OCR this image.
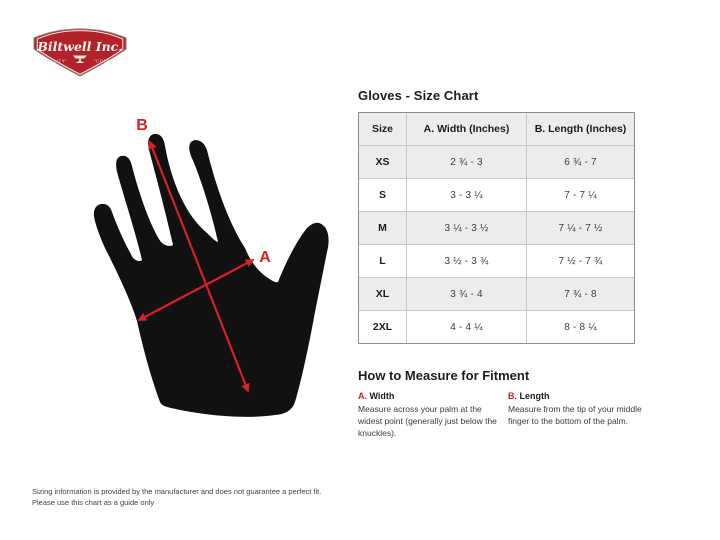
Biltwell Inc.
"QUALITY"	"COUNTS"
B
A
Gloves - Size Chart
Size	A. Width (Inches)	B. Length (Inches)
XS	2 ¾ - 3	6 ¾ - 7
S	3 - 3 ¼	7 - 7 ¼
M	3 ¼ - 3 ½	7 ¼ - 7 ½
L	3 ½ - 3 ¾	7 ½ - 7 ¾
XL	3 ¾ - 4	7 ¾ - 8
2XL	4 - 4 ¼	8 - 8 ¼
How to Measure for Fitment

A. Width

Measure across your palm at the widest point (generally just below the knuckles).

B. Length

Measure from the tip of your middle finger to the bottom of the palm.

Sizing information is provided by the manufacturer and does not guarantee a perfect fit.
Please use this chart as a guide only
